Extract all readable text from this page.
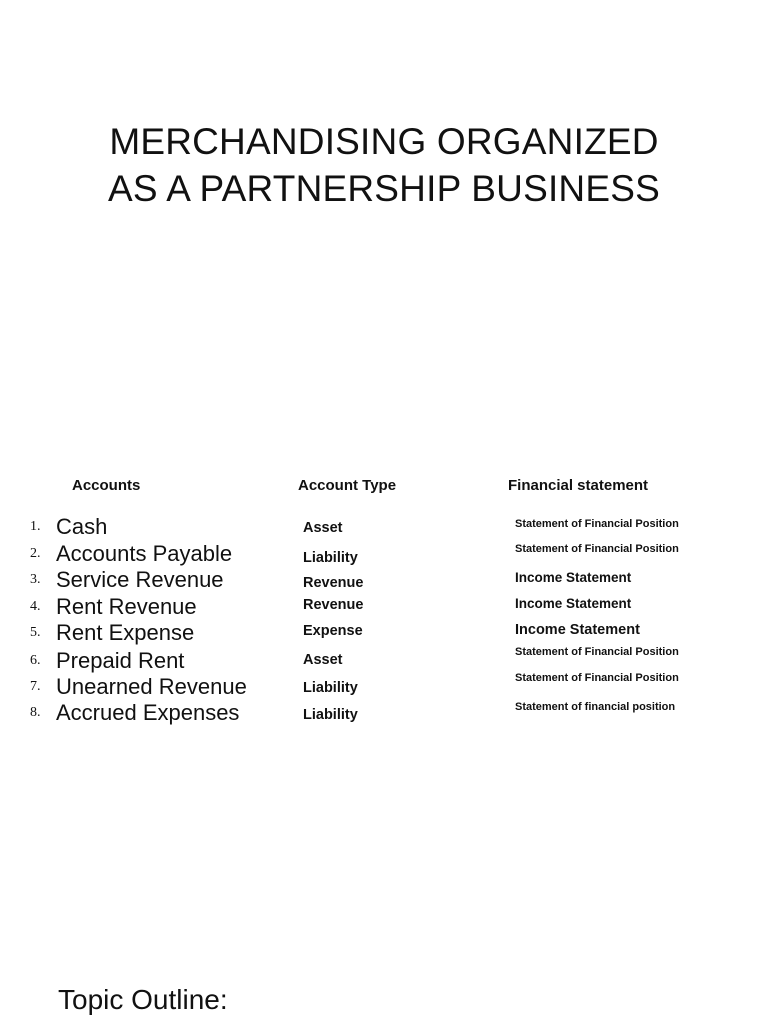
MERCHANDISING ORGANIZED
AS A PARTNERSHIP BUSINESS
Accounts	Account Type	Financial statement
1. Cash
2. Accounts Payable
3. Service Revenue
4. Rent Revenue
5. Rent Expense
6. Prepaid Rent
7. Unearned Revenue
8. Accrued Expenses
Asset
Liability
Revenue
Revenue
Expense
Asset
Liability
Liability
Statement of Financial Position
Statement of Financial Position
Income Statement
Income Statement
Income Statement
Statement of Financial Position
Statement of Financial Position
Statement of financial position
Topic Outline:
